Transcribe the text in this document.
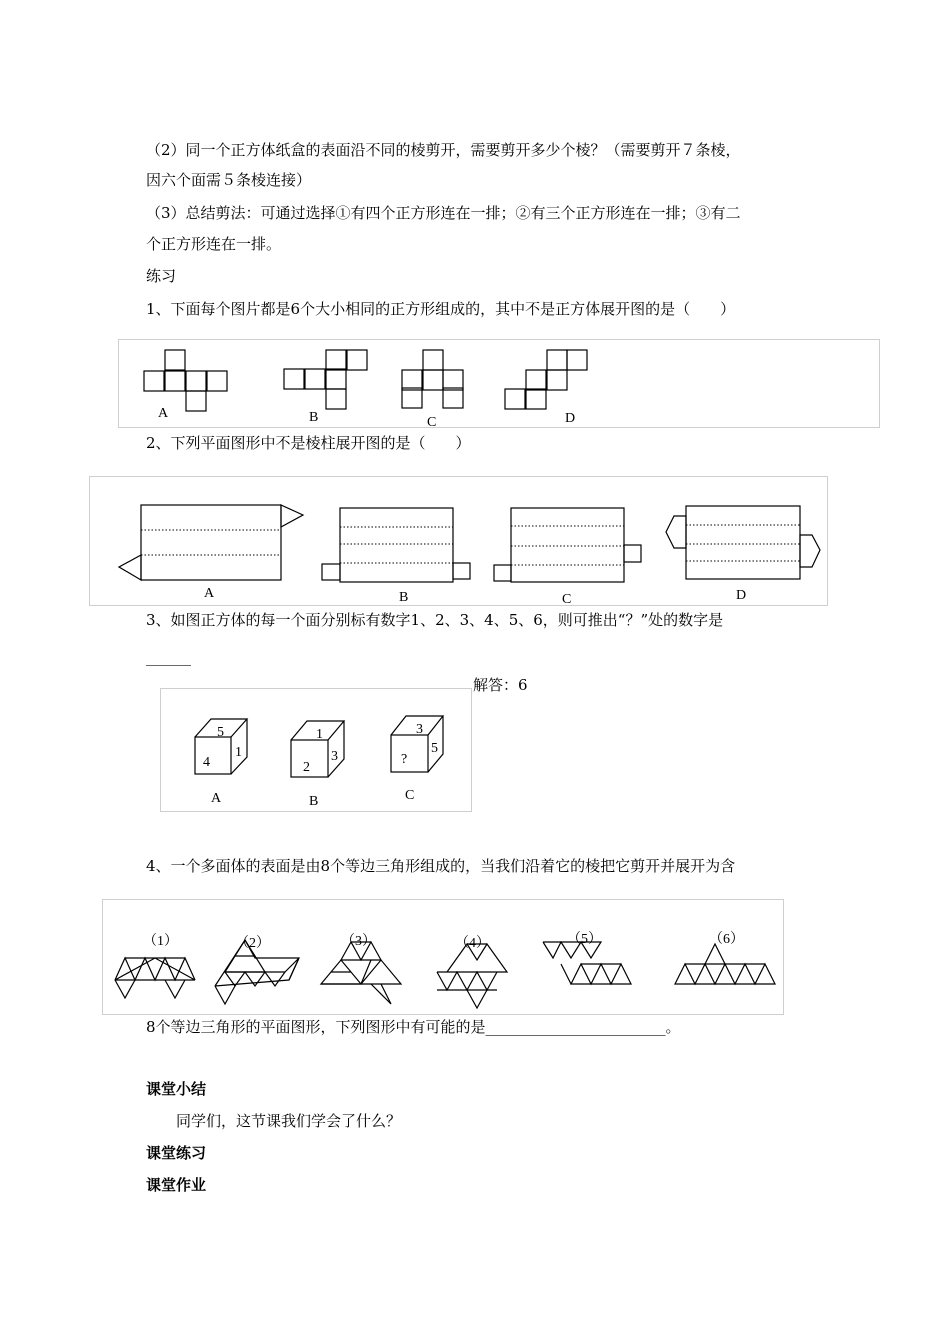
（2）同一个正方体纸盒的表面沿不同的棱剪开，需要剪开多少个棱？（需要剪开７条棱，
因六个面需５条棱连接）
（3）总结剪法：可通过选择①有四个正方形连在一排；②有三个正方形连在一排；③有二
个正方形连在一排。
练习
1、下面每个图片都是6个大小相同的正方形组成的，其中不是正方体展开图的是（　　）
A	B	C	D
2、下列平面图形中不是棱柱展开图的是（　　）
A	B	C	D
3、如图正方体的每一个面分别标有数字1、2、3、4、5、6，则可推出“？”处的数字是
______
解答：6
5
4
1
1
2
3
3
?
5
A	B	C
4、一个多面体的表面是由8个等边三角形组成的，当我们沿着它的棱把它剪开并展开为含
（1）	（2）	（3）	（4）	（5）	（6）
8个等边三角形的平面图形，下列图形中有可能的是________________________。
课堂小结
同学们，这节课我们学会了什么？
课堂练习
课堂作业
